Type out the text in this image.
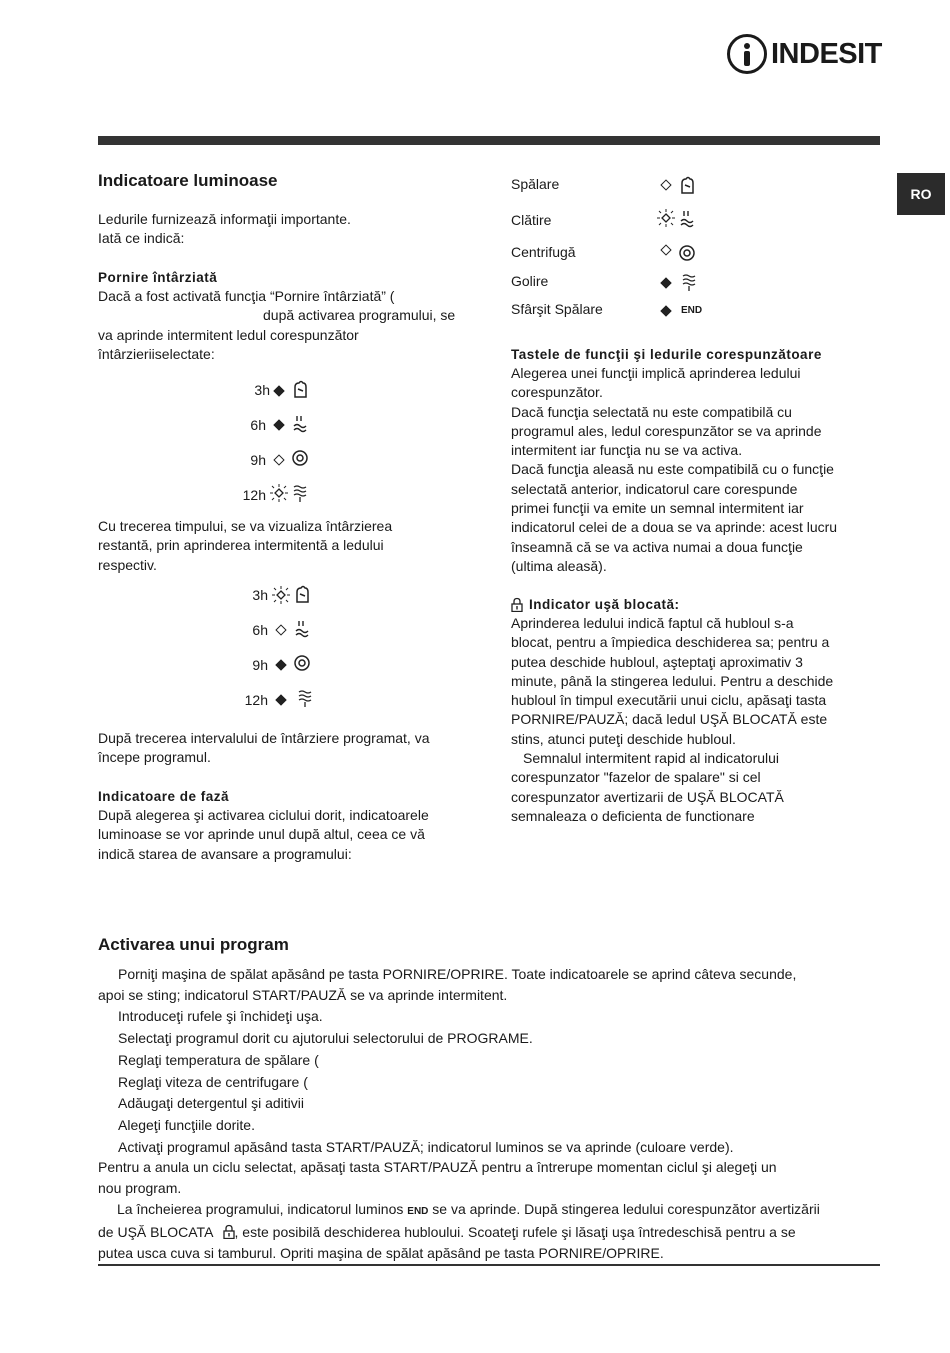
INDESIT
RO
Indicatoare luminoase
Ledurile furnizează informaţii importante.
Iată ce indică:
Pornire întârziată
Dacă a fost activată funcţia “Pornire întârziată” (
după activarea programului, se
va aprinde intermitent ledul corespunzător
întârzieriiselectate:
3h
6h
9h
12h
Cu trecerea timpului, se va vizualiza întârzierea
restantă, prin aprinderea intermitentă a ledului
respectiv.
3h
6h
9h
12h
După trecerea intervalului de întârziere programat, va
începe programul.
Indicatoare de fază
După alegerea şi activarea ciclului dorit, indicatoarele
luminoase se vor aprinde unul după altul, ceea ce vă
indică starea de avansare a programului:
Spălare
Clătire
Centrifugă
Golire
Sfârşit Spălare	END
Tastele de funcţii şi ledurile corespunzătoare
Alegerea unei funcţii implică aprinderea ledului
corespunzător.
Dacă funcţia selectată nu este compatibilă cu
programul ales, ledul corespunzător se va aprinde
intermitent iar funcţia nu se va activa.
Dacă funcţia aleasă nu este compatibilă cu o funcţie
selectată anterior, indicatorul care corespunde
primei funcţii va emite un semnal intermitent iar
indicatorul celei de a doua se va aprinde: acest lucru
înseamnă că se va activa numai a doua funcţie
(ultima aleasă).
Indicator uşă blocată:
Aprinderea ledului indică faptul că hubloul s-a
blocat, pentru a împiedica deschiderea sa; pentru a
putea deschide hubloul, aşteptaţi aproximativ 3
minute, până la stingerea ledului. Pentru a deschide
hubloul în timpul executării unui ciclu, apăsaţi tasta
PORNIRE/PAUZĂ; dacă ledul UŞĂ BLOCATĂ este
stins, atunci puteţi deschide hubloul.
Semnalul intermitent rapid al indicatorului
corespunzator "fazelor de spalare" si cel
corespunzator avertizarii de UŞĂ BLOCATĂ
semnaleaza o deficienta de functionare
Activarea unui program
Porniţi maşina de spălat apăsând pe tasta PORNIRE/OPRIRE. Toate indicatoarele se aprind câteva secunde,
apoi se sting; indicatorul START/PAUZĂ se va aprinde intermitent.
Introduceţi rufele şi închideţi uşa.
Selectaţi programul dorit cu ajutorului selectorului de PROGRAME.
Reglaţi temperatura de spălare (
Reglaţi viteza de centrifugare (
Adăugaţi detergentul şi aditivii
Alegeţi funcţiile dorite.
Activaţi programul apăsând tasta START/PAUZĂ; indicatorul luminos se va aprinde (culoare verde).
Pentru a anula un ciclu selectat, apăsaţi tasta START/PAUZĂ pentru a întrerupe momentan ciclul şi alegeţi un
nou program.
La încheierea programului, indicatorul luminos END se va aprinde. După stingerea ledului corespunzător avertizării
de UŞĂ BLOCATA , este posibilă deschiderea hubloului. Scoateţi rufele şi lăsaţi uşa întredeschisă pentru a se
putea usca cuva si tamburul. Opriti maşina de spălat apăsând pe tasta PORNIRE/OPRIRE.
